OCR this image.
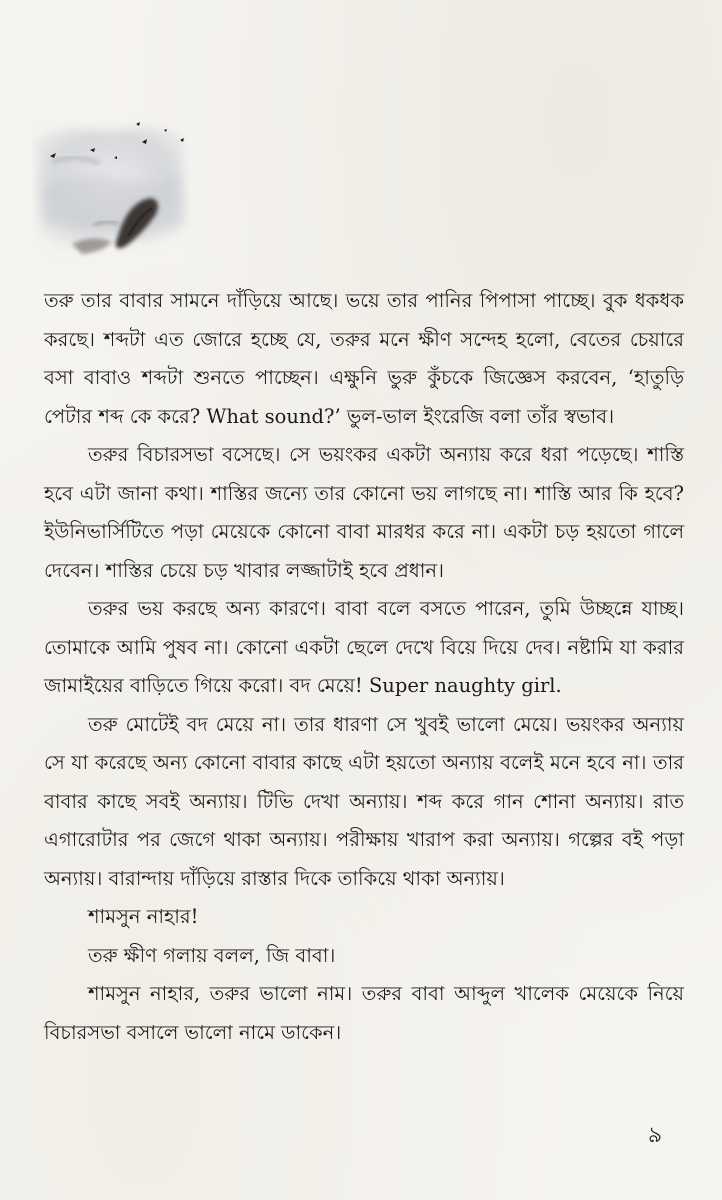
তরু তার বাবার সামনে দাঁড়িয়ে আছে। ভয়ে তার পানির পিপাসা পাচ্ছে। বুক ধকধক করছে। শব্দটা এত জোরে হচ্ছে যে, তরুর মনে ক্ষীণ সন্দেহ হলো, বেতের চেয়ারে বসা বাবাও শব্দটা শুনতে পাচ্ছেন। এক্ষুনি ভুরু কুঁচকে জিজ্ঞেস করবেন, ‘হাতুড়ি পেটার শব্দ কে করে? What sound?’ ভুল-ভাল ইংরেজি বলা তাঁর স্বভাব।

তরুর বিচারসভা বসেছে। সে ভয়ংকর একটা অন্যায় করে ধরা পড়েছে। শাস্তি হবে এটা জানা কথা। শাস্তির জন্যে তার কোনো ভয় লাগছে না। শাস্তি আর কি হবে? ইউনিভার্সিটিতে পড়া মেয়েকে কোনো বাবা মারধর করে না। একটা চড় হয়তো গালে দেবেন। শাস্তির চেয়ে চড় খাবার লজ্জাটাই হবে প্রধান।

তরুর ভয় করছে অন্য কারণে। বাবা বলে বসতে পারেন, তুমি উচ্ছন্নে যাচ্ছ। তোমাকে আমি পুষব না। কোনো একটা ছেলে দেখে বিয়ে দিয়ে দেব। নষ্টামি যা করার জামাইয়ের বাড়িতে গিয়ে করো। বদ মেয়ে! Super naughty girl.

তরু মোটেই বদ মেয়ে না। তার ধারণা সে খুবই ভালো মেয়ে। ভয়ংকর অন্যায় সে যা করেছে অন্য কোনো বাবার কাছে এটা হয়তো অন্যায় বলেই মনে হবে না। তার বাবার কাছে সবই অন্যায়। টিভি দেখা অন্যায়। শব্দ করে গান শোনা অন্যায়। রাত এগারোটার পর জেগে থাকা অন্যায়। পরীক্ষায় খারাপ করা অন্যায়। গল্পের বই পড়া অন্যায়। বারান্দায় দাঁড়িয়ে রাস্তার দিকে তাকিয়ে থাকা অন্যায়।

শামসুন নাহার!

তরু ক্ষীণ গলায় বলল, জি বাবা।

শামসুন নাহার, তরুর ভালো নাম। তরুর বাবা আব্দুল খালেক মেয়েকে নিয়ে বিচারসভা বসালে ভালো নামে ডাকেন।

৯
